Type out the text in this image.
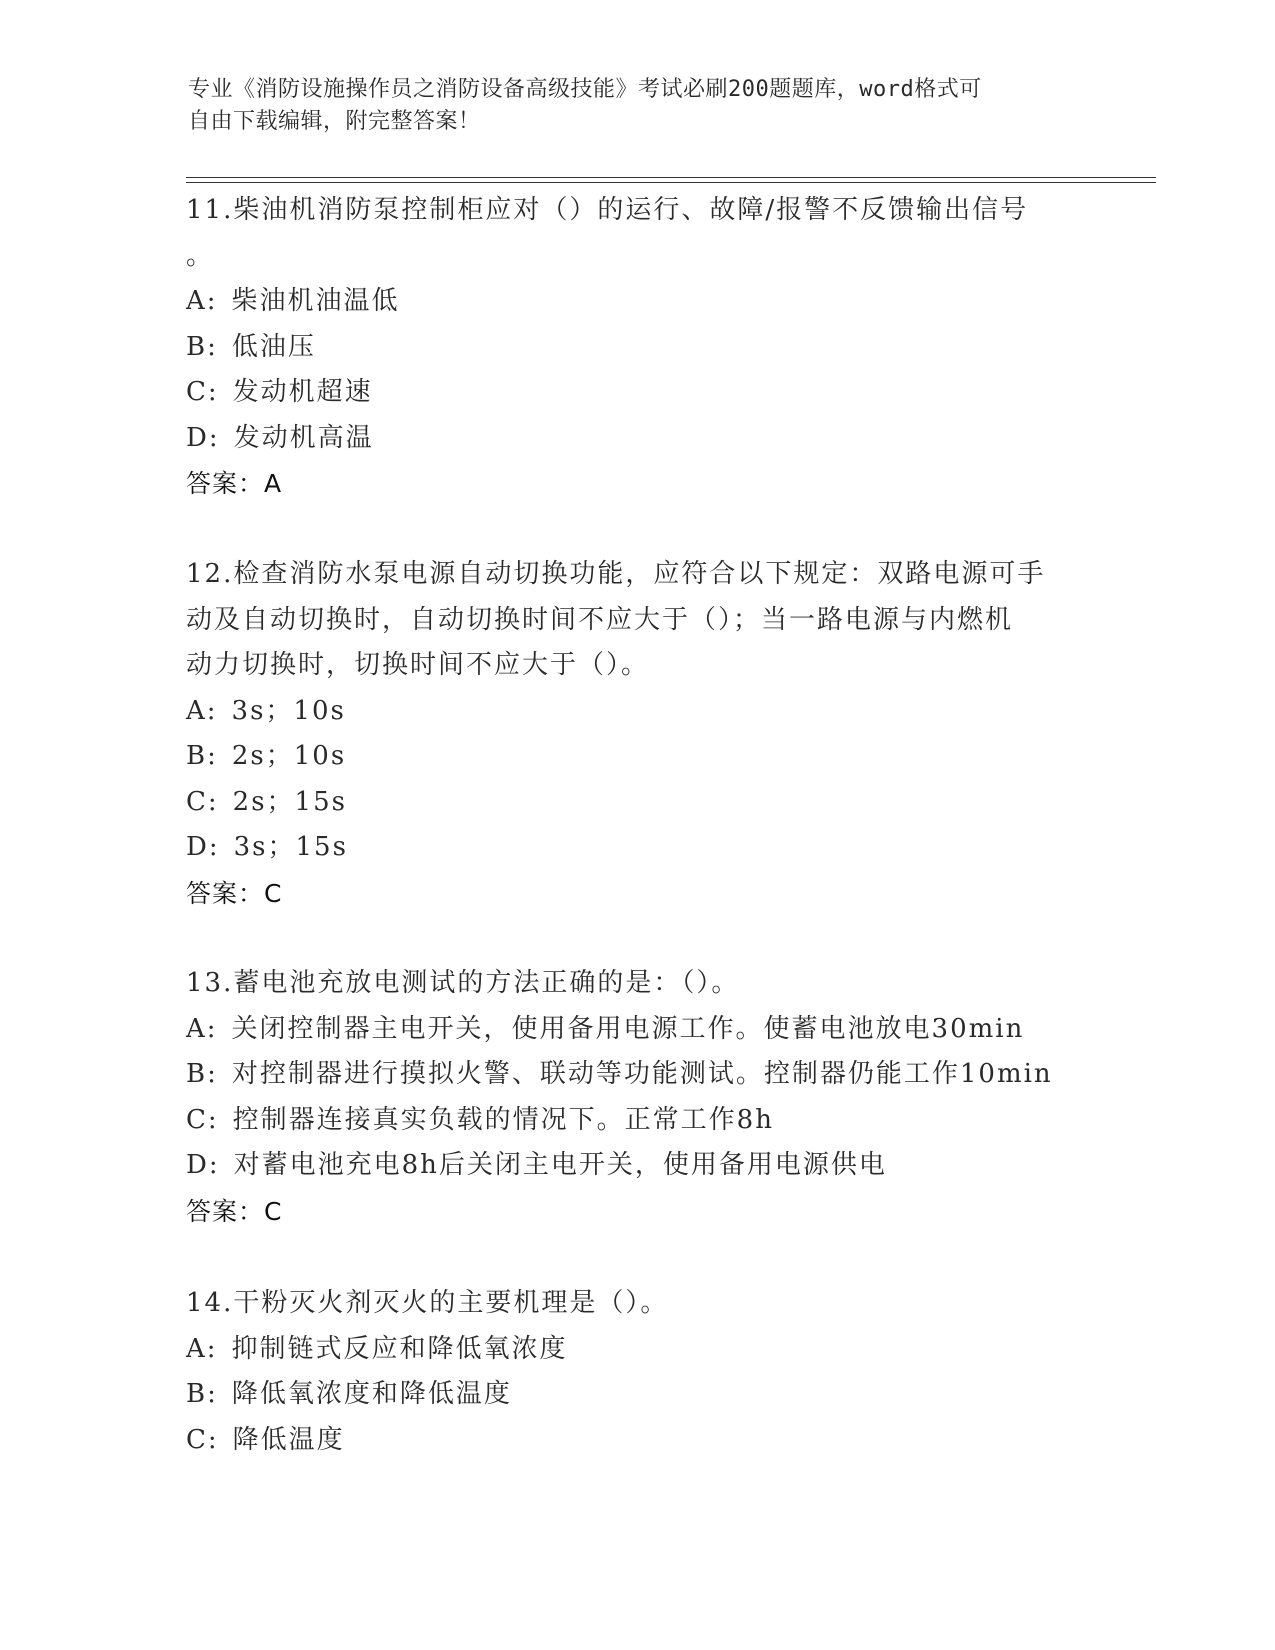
专业《消防设施操作员之消防设备高级技能》考试必刷200题题库，word格式可
自由下载编辑，附完整答案！
11.柴油机消防泵控制柜应对（）的运行、故障/报警不反馈输出信号
。
A: 柴油机油温低
B: 低油压
C: 发动机超速
D: 发动机高温
答案：A
12.检查消防水泵电源自动切换功能，应符合以下规定：双路电源可手
动及自动切换时，自动切换时间不应大于（）；当一路电源与内燃机
动力切换时，切换时间不应大于（）。
A: 3s；10s
B: 2s；10s
C: 2s；15s
D: 3s；15s
答案：C
13.蓄电池充放电测试的方法正确的是：（）。
A: 关闭控制器主电开关，使用备用电源工作。使蓄电池放电30min
B: 对控制器进行摸拟火警、联动等功能测试。控制器仍能工作10min
C: 控制器连接真实负载的情况下。正常工作8h
D: 对蓄电池充电8h后关闭主电开关，使用备用电源供电
答案：C
14.干粉灭火剂灭火的主要机理是（）。
A: 抑制链式反应和降低氧浓度
B: 降低氧浓度和降低温度
C: 降低温度
